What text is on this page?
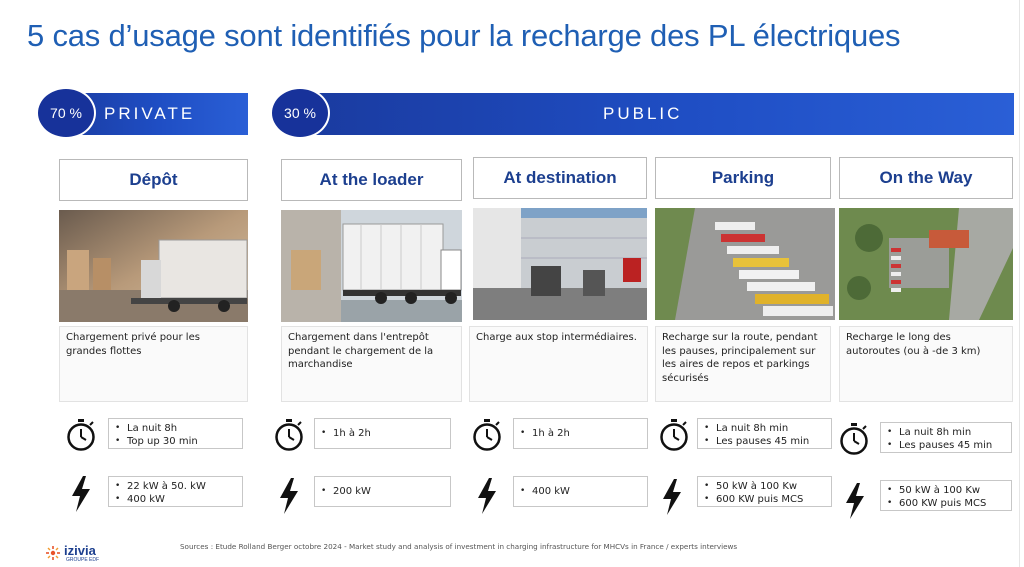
5 cas d’usage sont identifiés pour la recharge des PL électriques
PRIVATE
70 %	PUBLIC
30 %
Dépôt
Chargement privé pour les grandes flottes
• La nuit 8h
• Top up 30 min
• 22 kW à 50. kW
• 400 kW
At the loader
Chargement dans l'entrepôt pendant le chargement de la marchandise
• 1h à 2h
• 200 kW
At destination
Charge aux stop intermédiaires.
• 1h à 2h
• 400 kW
Parking
Recharge sur la route, pendant les pauses, principalement sur les aires de repos et parkings sécurisés
• La nuit 8h min
• Les pauses 45 min
• 50 kW à 100 Kw
• 600 KW puis MCS
On the Way
Recharge le long des autoroutes (ou à -de 3 km)
• La nuit 8h min
• Les pauses 45 min
• 50 kW à 100 Kw
• 600 KW puis MCS
izivia
GROUPE EDF
Sources : Etude Rolland Berger octobre 2024 - Market study and analysis of investment in charging infrastructure for MHCVs in France / experts interviews
